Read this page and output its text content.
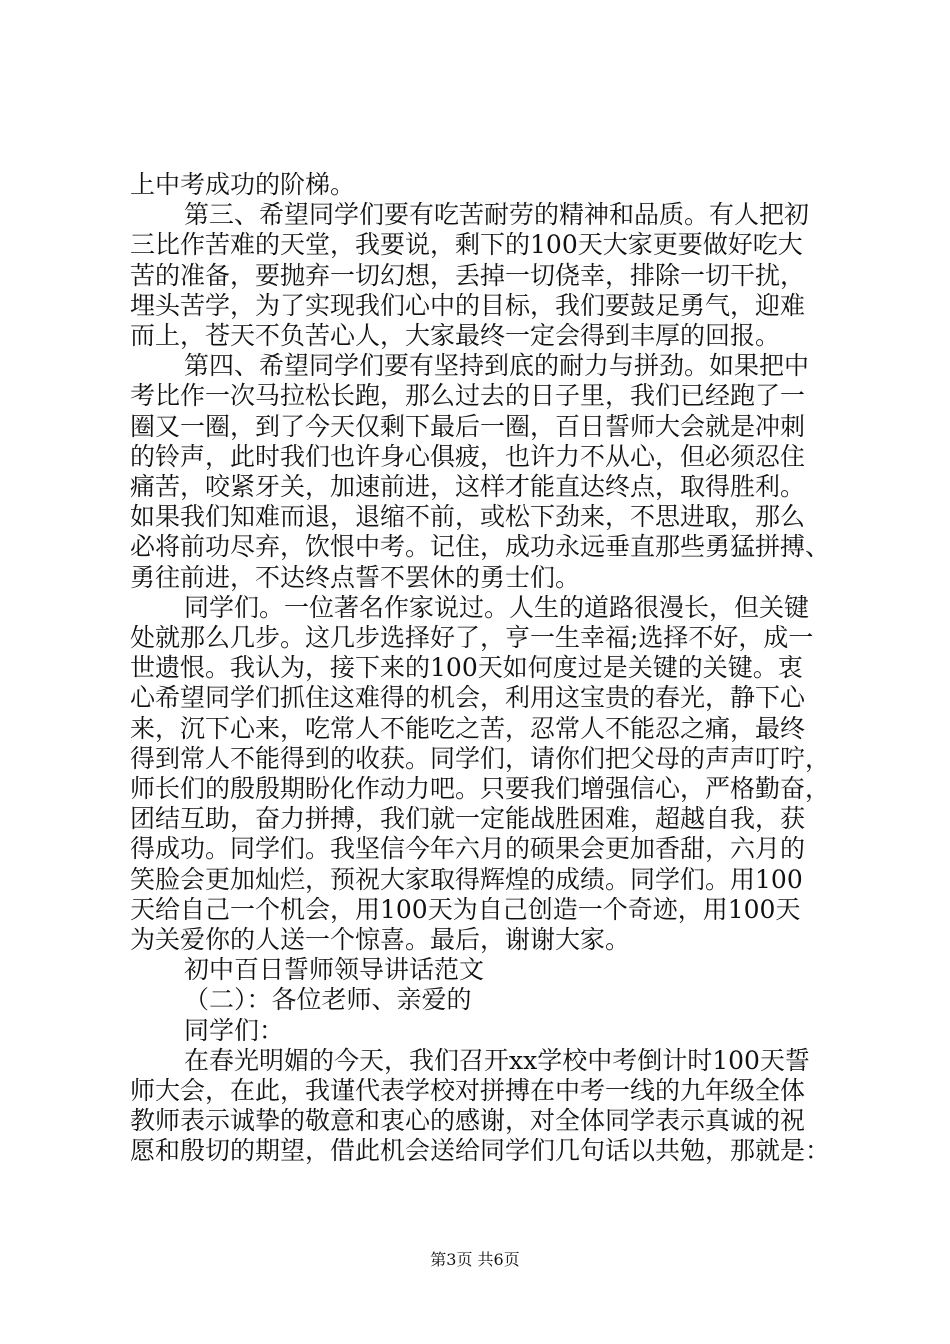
上中考成功的阶梯。
第三、希望同学们要有吃苦耐劳的精神和品质。有人把初
三比作苦难的天堂，我要说，剩下的100天大家更要做好吃大
苦的准备，要抛弃一切幻想，丢掉一切侥幸，排除一切干扰，
埋头苦学，为了实现我们心中的目标，我们要鼓足勇气，迎难
而上，苍天不负苦心人，大家最终一定会得到丰厚的回报。
第四、希望同学们要有坚持到底的耐力与拼劲。如果把中
考比作一次马拉松长跑，那么过去的日子里，我们已经跑了一
圈又一圈，到了今天仅剩下最后一圈，百日誓师大会就是冲刺
的铃声，此时我们也许身心俱疲，也许力不从心，但必须忍住
痛苦，咬紧牙关，加速前进，这样才能直达终点，取得胜利。
如果我们知难而退，退缩不前，或松下劲来，不思进取，那么
必将前功尽弃，饮恨中考。记住，成功永远垂直那些勇猛拼搏、
勇往前进，不达终点誓不罢休的勇士们。
同学们。一位著名作家说过。人生的道路很漫长，但关键
处就那么几步。这几步选择好了，亨一生幸福;选择不好，成一
世遗恨。我认为，接下来的100天如何度过是关键的关键。衷
心希望同学们抓住这难得的机会，利用这宝贵的春光，静下心
来，沉下心来，吃常人不能吃之苦，忍常人不能忍之痛，最终
得到常人不能得到的收获。同学们，请你们把父母的声声叮咛，
师长们的殷殷期盼化作动力吧。只要我们增强信心，严格勤奋，
团结互助，奋力拼搏，我们就一定能战胜困难，超越自我，获
得成功。同学们。我坚信今年六月的硕果会更加香甜，六月的
笑脸会更加灿烂，预祝大家取得辉煌的成绩。同学们。用100
天给自己一个机会，用100天为自己创造一个奇迹，用100天
为关爱你的人送一个惊喜。最后，谢谢大家。
初中百日誓师领导讲话范文
（二）：各位老师、亲爱的
同学们：
在春光明媚的今天，我们召开xx学校中考倒计时100天誓
师大会，在此，我谨代表学校对拼搏在中考一线的九年级全体
教师表示诚挚的敬意和衷心的感谢，对全体同学表示真诚的祝
愿和殷切的期望，借此机会送给同学们几句话以共勉，那就是：
第3页 共6页
